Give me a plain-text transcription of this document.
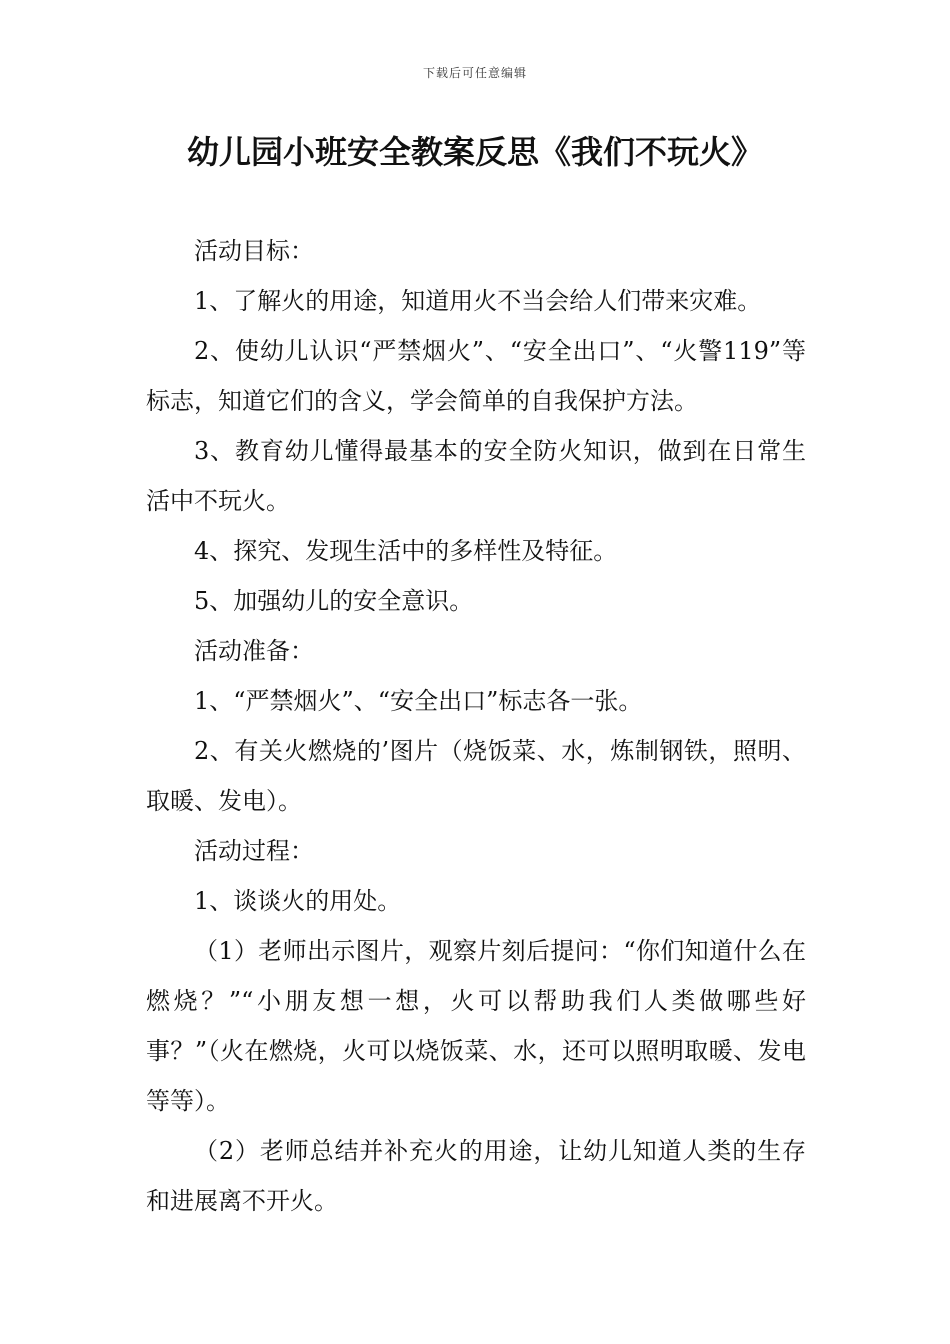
下载后可任意编辑
幼儿园小班安全教案反思《我们不玩火》

活动目标：

1、了解火的用途，知道用火不当会给人们带来灾难。

2、使幼儿认识“严禁烟火”、“安全出口”、“火警119”等标志，知道它们的含义，学会简单的自我保护方法。

3、教育幼儿懂得最基本的安全防火知识，做到在日常生活中不玩火。

4、探究、发现生活中的多样性及特征。

5、加强幼儿的安全意识。

活动准备：

1、“严禁烟火”、“安全出口”标志各一张。

2、有关火燃烧的’图片（烧饭菜、水，炼制钢铁，照明、取暖、发电）。

活动过程：

1、谈谈火的用处。

（1）老师出示图片，观察片刻后提问：“你们知道什么在燃烧？”“小朋友想一想，火可以帮助我们人类做哪些好事？”（火在燃烧，火可以烧饭菜、水，还可以照明取暖、发电等等）。

（2）老师总结并补充火的用途，让幼儿知道人类的生存和进展离不开火。
